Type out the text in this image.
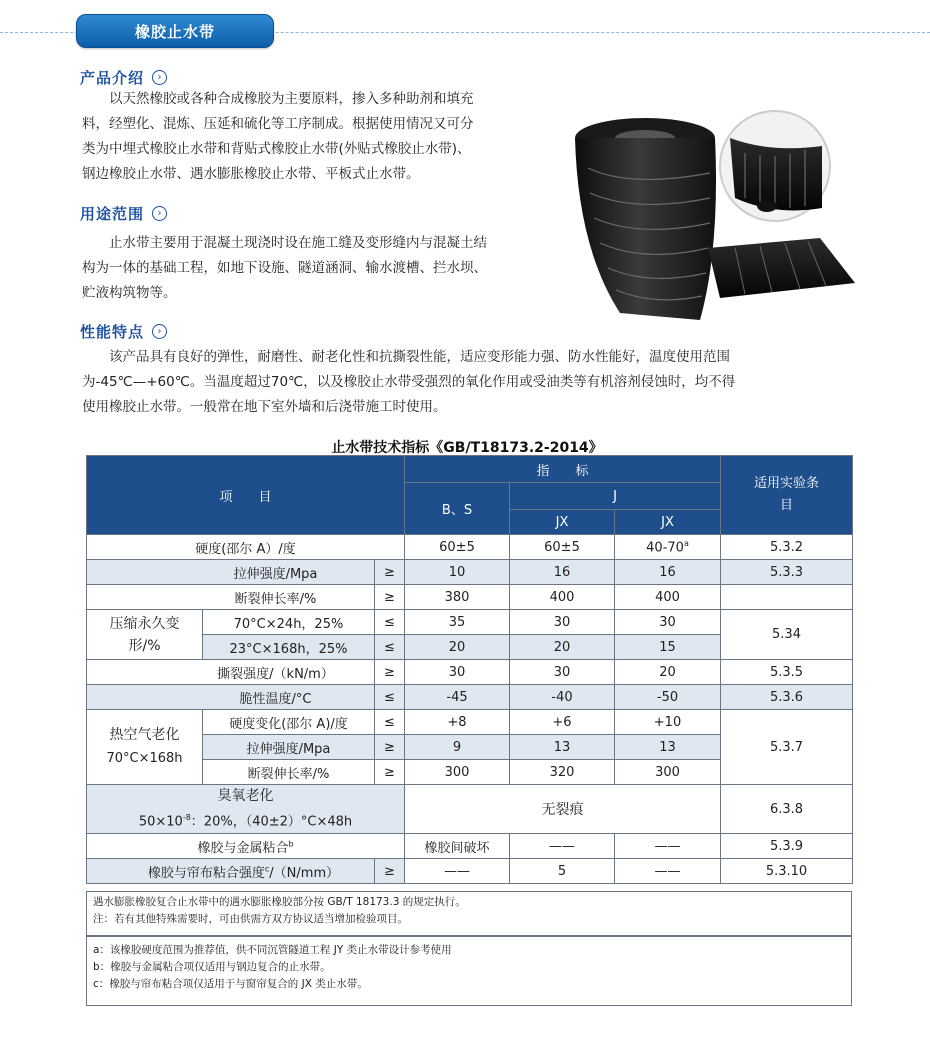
橡胶止水带
产品介绍	›
以天然橡胶或各种合成橡胶为主要原料，掺入多种助剂和填充
料，经塑化、混炼、压延和硫化等工序制成。根据使用情况又可分
类为中埋式橡胶止水带和背贴式橡胶止水带(外贴式橡胶止水带)、
钢边橡胶止水带、遇水膨胀橡胶止水带、平板式止水带。
用途范围	›
止水带主要用于混凝土现浇时设在施工缝及变形缝内与混凝土结
构为一体的基础工程，如地下设施、隧道涵洞、输水渡槽、拦水坝、
贮液构筑物等。
性能特点	›
该产品具有良好的弹性，耐磨性、耐老化性和抗撕裂性能，适应变形能力强、防水性能好，温度使用范围
为-45℃—+60℃。当温度超过70℃，以及橡胶止水带受强烈的氧化作用或受油类等有机溶剂侵蚀时，均不得
使用橡胶止水带。一般常在地下室外墙和后浇带施工时使用。
止水带技术指标《GB/T18173.2-2014》
项　　目			指　　标			适用实验条目

			B、S	J		
				JX	JX	
硬度(邵尔 A）/度			60±5	60±5	40-70$^a$	5.3.2
拉伸强度/Mpa		≥	10	16	16	5.3.3
断裂伸长率/%		≥	380	400	400	

压缩永久变形/%	70°C×24h，25%	≤	35	30	30	5.34
	23°C×168h，25%	≤	20	20	15	
撕裂强度/（kN/m）		≥	30	30	20	5.3.5
脆性温度/°C		≤	-45	-40	-50	5.3.6

热空气老化
70°C×168h	硬度变化(邵尔 A)/度	≤	+8	+6	+10	5.3.7
	拉伸强度/Mpa	≥	9	13	13	
	断裂伸长率/%	≥	300	320	300	

臭氧老化
$50\times 10^{-8}$：20%，（40±2）°C×48h			无裂痕			6.3.8
橡胶与金属粘合$^b$			橡胶间破坏	——	——	5.3.9
橡胶与帘布粘合强度$^c$/（N/mm）		≥	——	5	——	5.3.10
遇水膨胀橡胶复合止水带中的遇水膨胀橡胶部分按 GB/T 18173.3 的规定执行。
注：若有其他特殊需要时，可由供需方双方协议适当增加检验项目。
a：该橡胶硬度范围为推荐值，供不同沉管隧道工程 JY 类止水带设计参考使用
b：橡胶与金属粘合项仅适用与钢边复合的止水带。
c：橡胶与帘布粘合项仅适用于与窗帘复合的 JX 类止水带。
